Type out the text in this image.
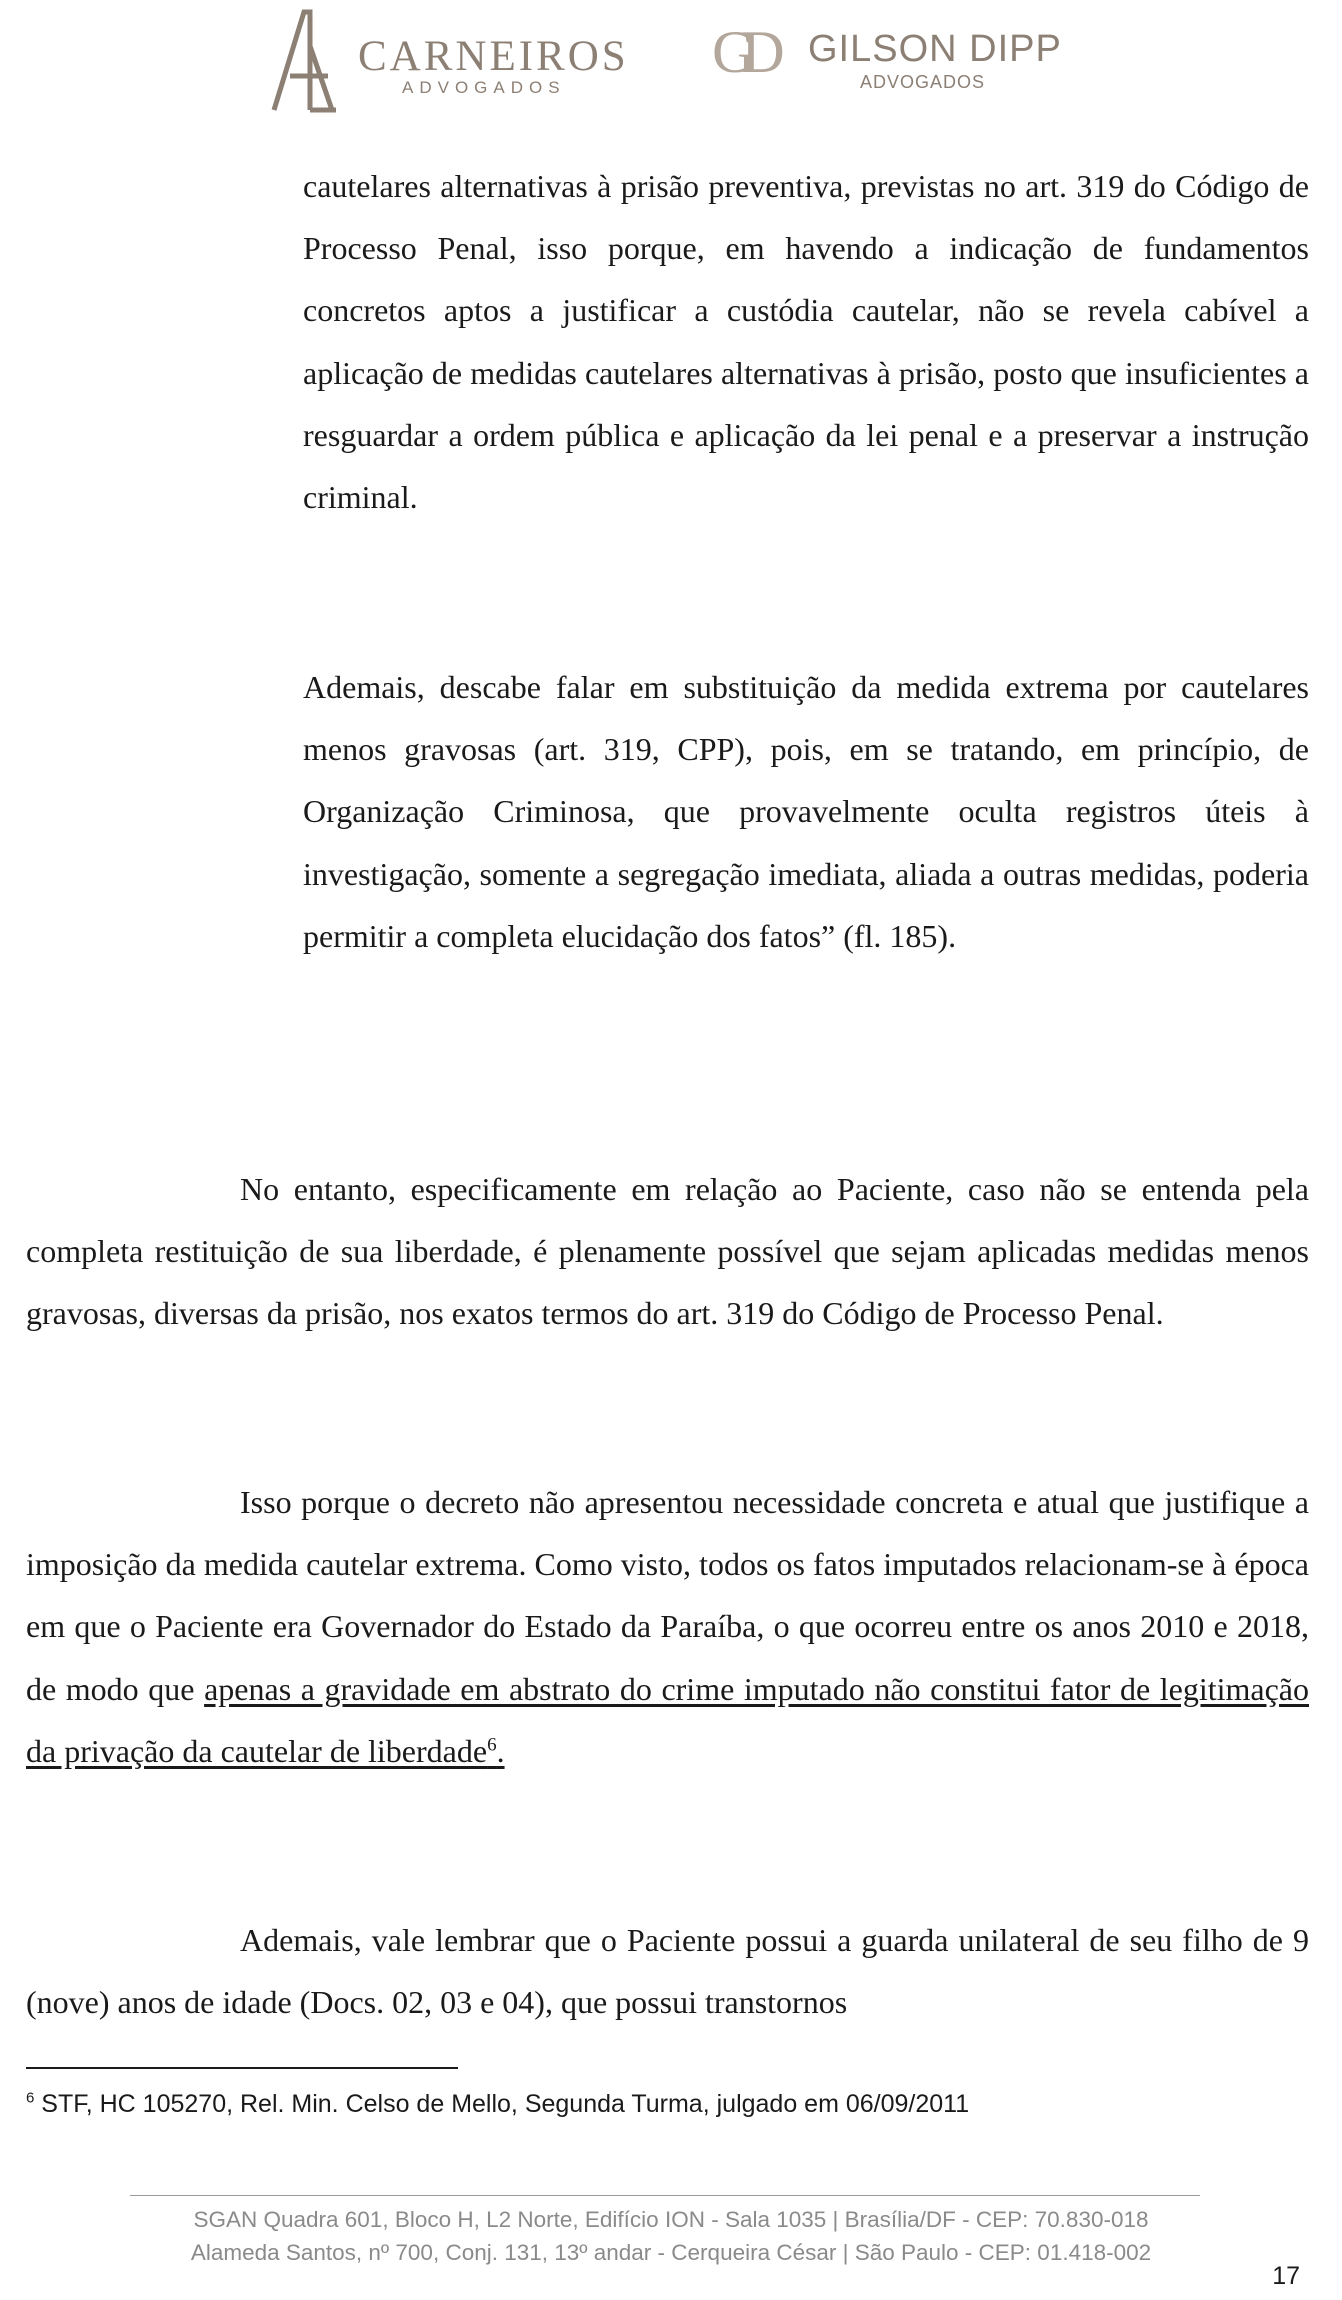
CARNEIROS
ADVOGADOS
GD GILSON DIPP
ADVOGADOS

cautelares alternativas à prisão preventiva, previstas no art. 319 do Código de Processo Penal, isso porque, em havendo a indicação de fundamentos concretos aptos a justificar a custódia cautelar, não se revela cabível a aplicação de medidas cautelares alternativas à prisão, posto que insuficientes a resguardar a ordem pública e aplicação da lei penal e a preservar a instrução criminal.

Ademais, descabe falar em substituição da medida extrema por cautelares menos gravosas (art. 319, CPP), pois, em se tratando, em princípio, de Organização Criminosa, que provavelmente oculta registros úteis à investigação, somente a segregação imediata, aliada a outras medidas, poderia permitir a completa elucidação dos fatos” (fl. 185).

No entanto, especificamente em relação ao Paciente, caso não se entenda pela completa restituição de sua liberdade, é plenamente possível que sejam aplicadas medidas menos gravosas, diversas da prisão, nos exatos termos do art. 319 do Código de Processo Penal.

Isso porque o decreto não apresentou necessidade concreta e atual que justifique a imposição da medida cautelar extrema. Como visto, todos os fatos imputados relacionam-se à época em que o Paciente era Governador do Estado da Paraíba, o que ocorreu entre os anos 2010 e 2018, de modo que apenas a gravidade em abstrato do crime imputado não constitui fator de legitimação da privação da cautelar de liberdade$^6$.

Ademais, vale lembrar que o Paciente possui a guarda unilateral de seu filho de 9 (nove) anos de idade (Docs. 02, 03 e 04), que possui transtornos

$^6$ STF, HC 105270, Rel. Min. Celso de Mello, Segunda Turma, julgado em 06/09/2011
SGAN Quadra 601, Bloco H, L2 Norte, Edifício ION - Sala 1035 | Brasília/DF - CEP: 70.830-018
Alameda Santos, nº 700, Conj. 131, 13º andar - Cerqueira César | São Paulo - CEP: 01.418-002
17
